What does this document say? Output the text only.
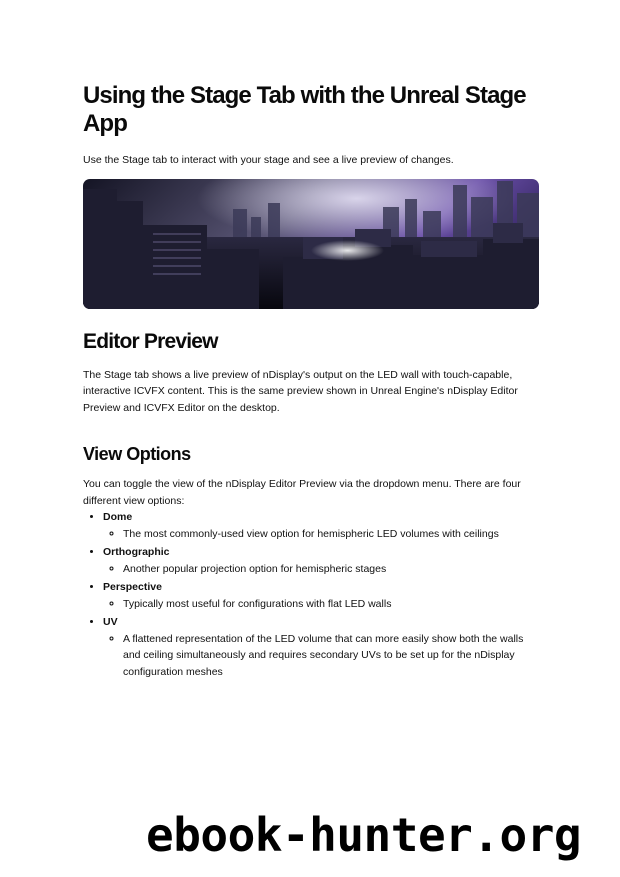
Using the Stage Tab with the Unreal Stage App

Use the Stage tab to interact with your stage and see a live preview of changes.

Editor Preview

The Stage tab shows a live preview of nDisplay's output on the LED wall with touch-capable, interactive ICVFX content. This is the same preview shown in Unreal Engine's nDisplay Editor Preview and ICVFX Editor on the desktop.

View Options

You can toggle the view of the nDisplay Editor Preview via the dropdown menu. There are four different view options:

• Dome
◦ The most commonly-used view option for hemispheric LED volumes with ceilings
• Orthographic
◦ Another popular projection option for hemispheric stages
• Perspective
◦ Typically most useful for configurations with flat LED walls
• UV
◦ A flattened representation of the LED volume that can more easily show both the walls and ceiling simultaneously and requires secondary UVs to be set up for the nDisplay configuration meshes
ebook-hunter.org
